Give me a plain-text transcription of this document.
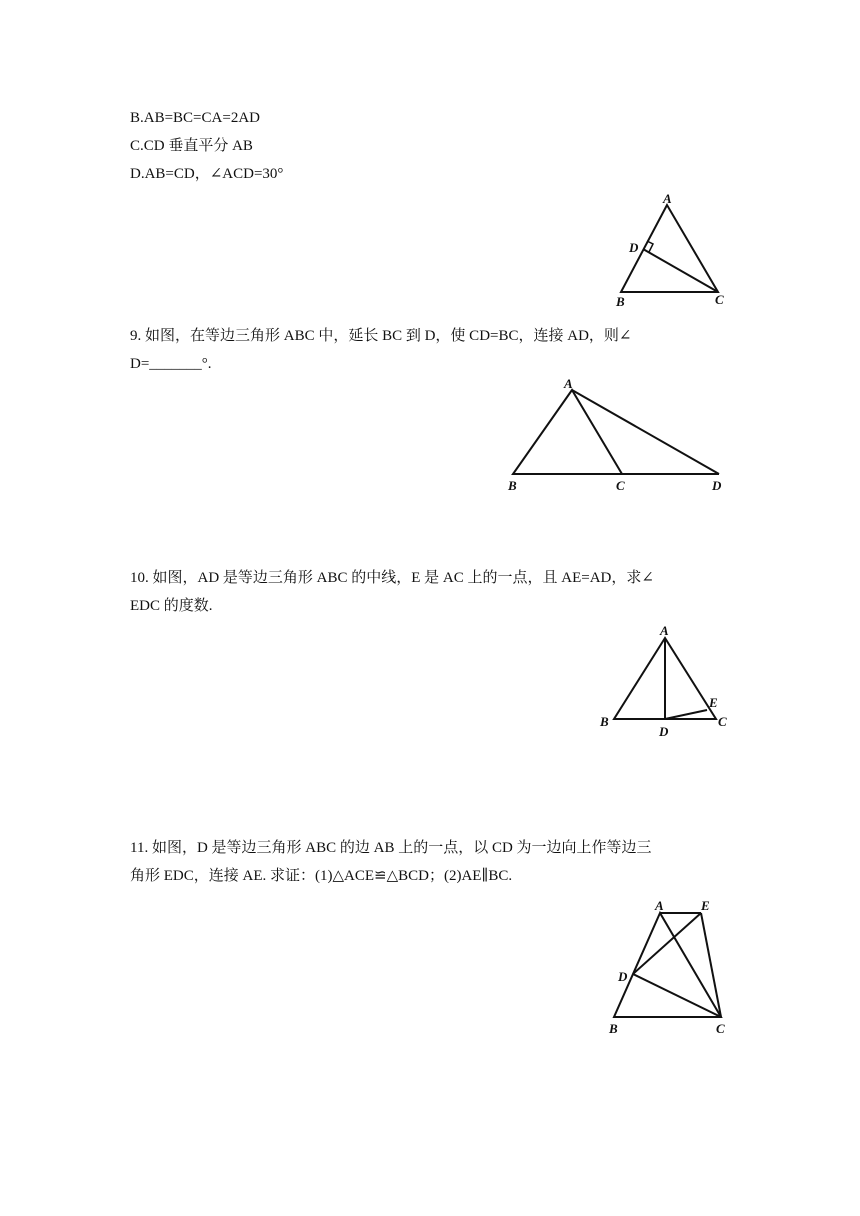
B.AB=BC=CA=2AD
C.CD 垂直平分 AB
D.AB=CD，∠ACD=30°
A
D
B	C
9. 如图，在等边三角形 ABC 中，延长 BC 到 D，使 CD=BC，连接 AD，则∠
D=_______°.
A
B	C	D
10. 如图，AD 是等边三角形 ABC 的中线，E 是 AC 上的一点，且 AE=AD，求∠
EDC 的度数.
A
B
D
E
C
11. 如图，D 是等边三角形 ABC 的边 AB 上的一点，以 CD 为一边向上作等边三
角形 EDC，连接 AE. 求证：(1)△ACE≌△BCD；(2)AE∥BC.
A	E
D
B	C
